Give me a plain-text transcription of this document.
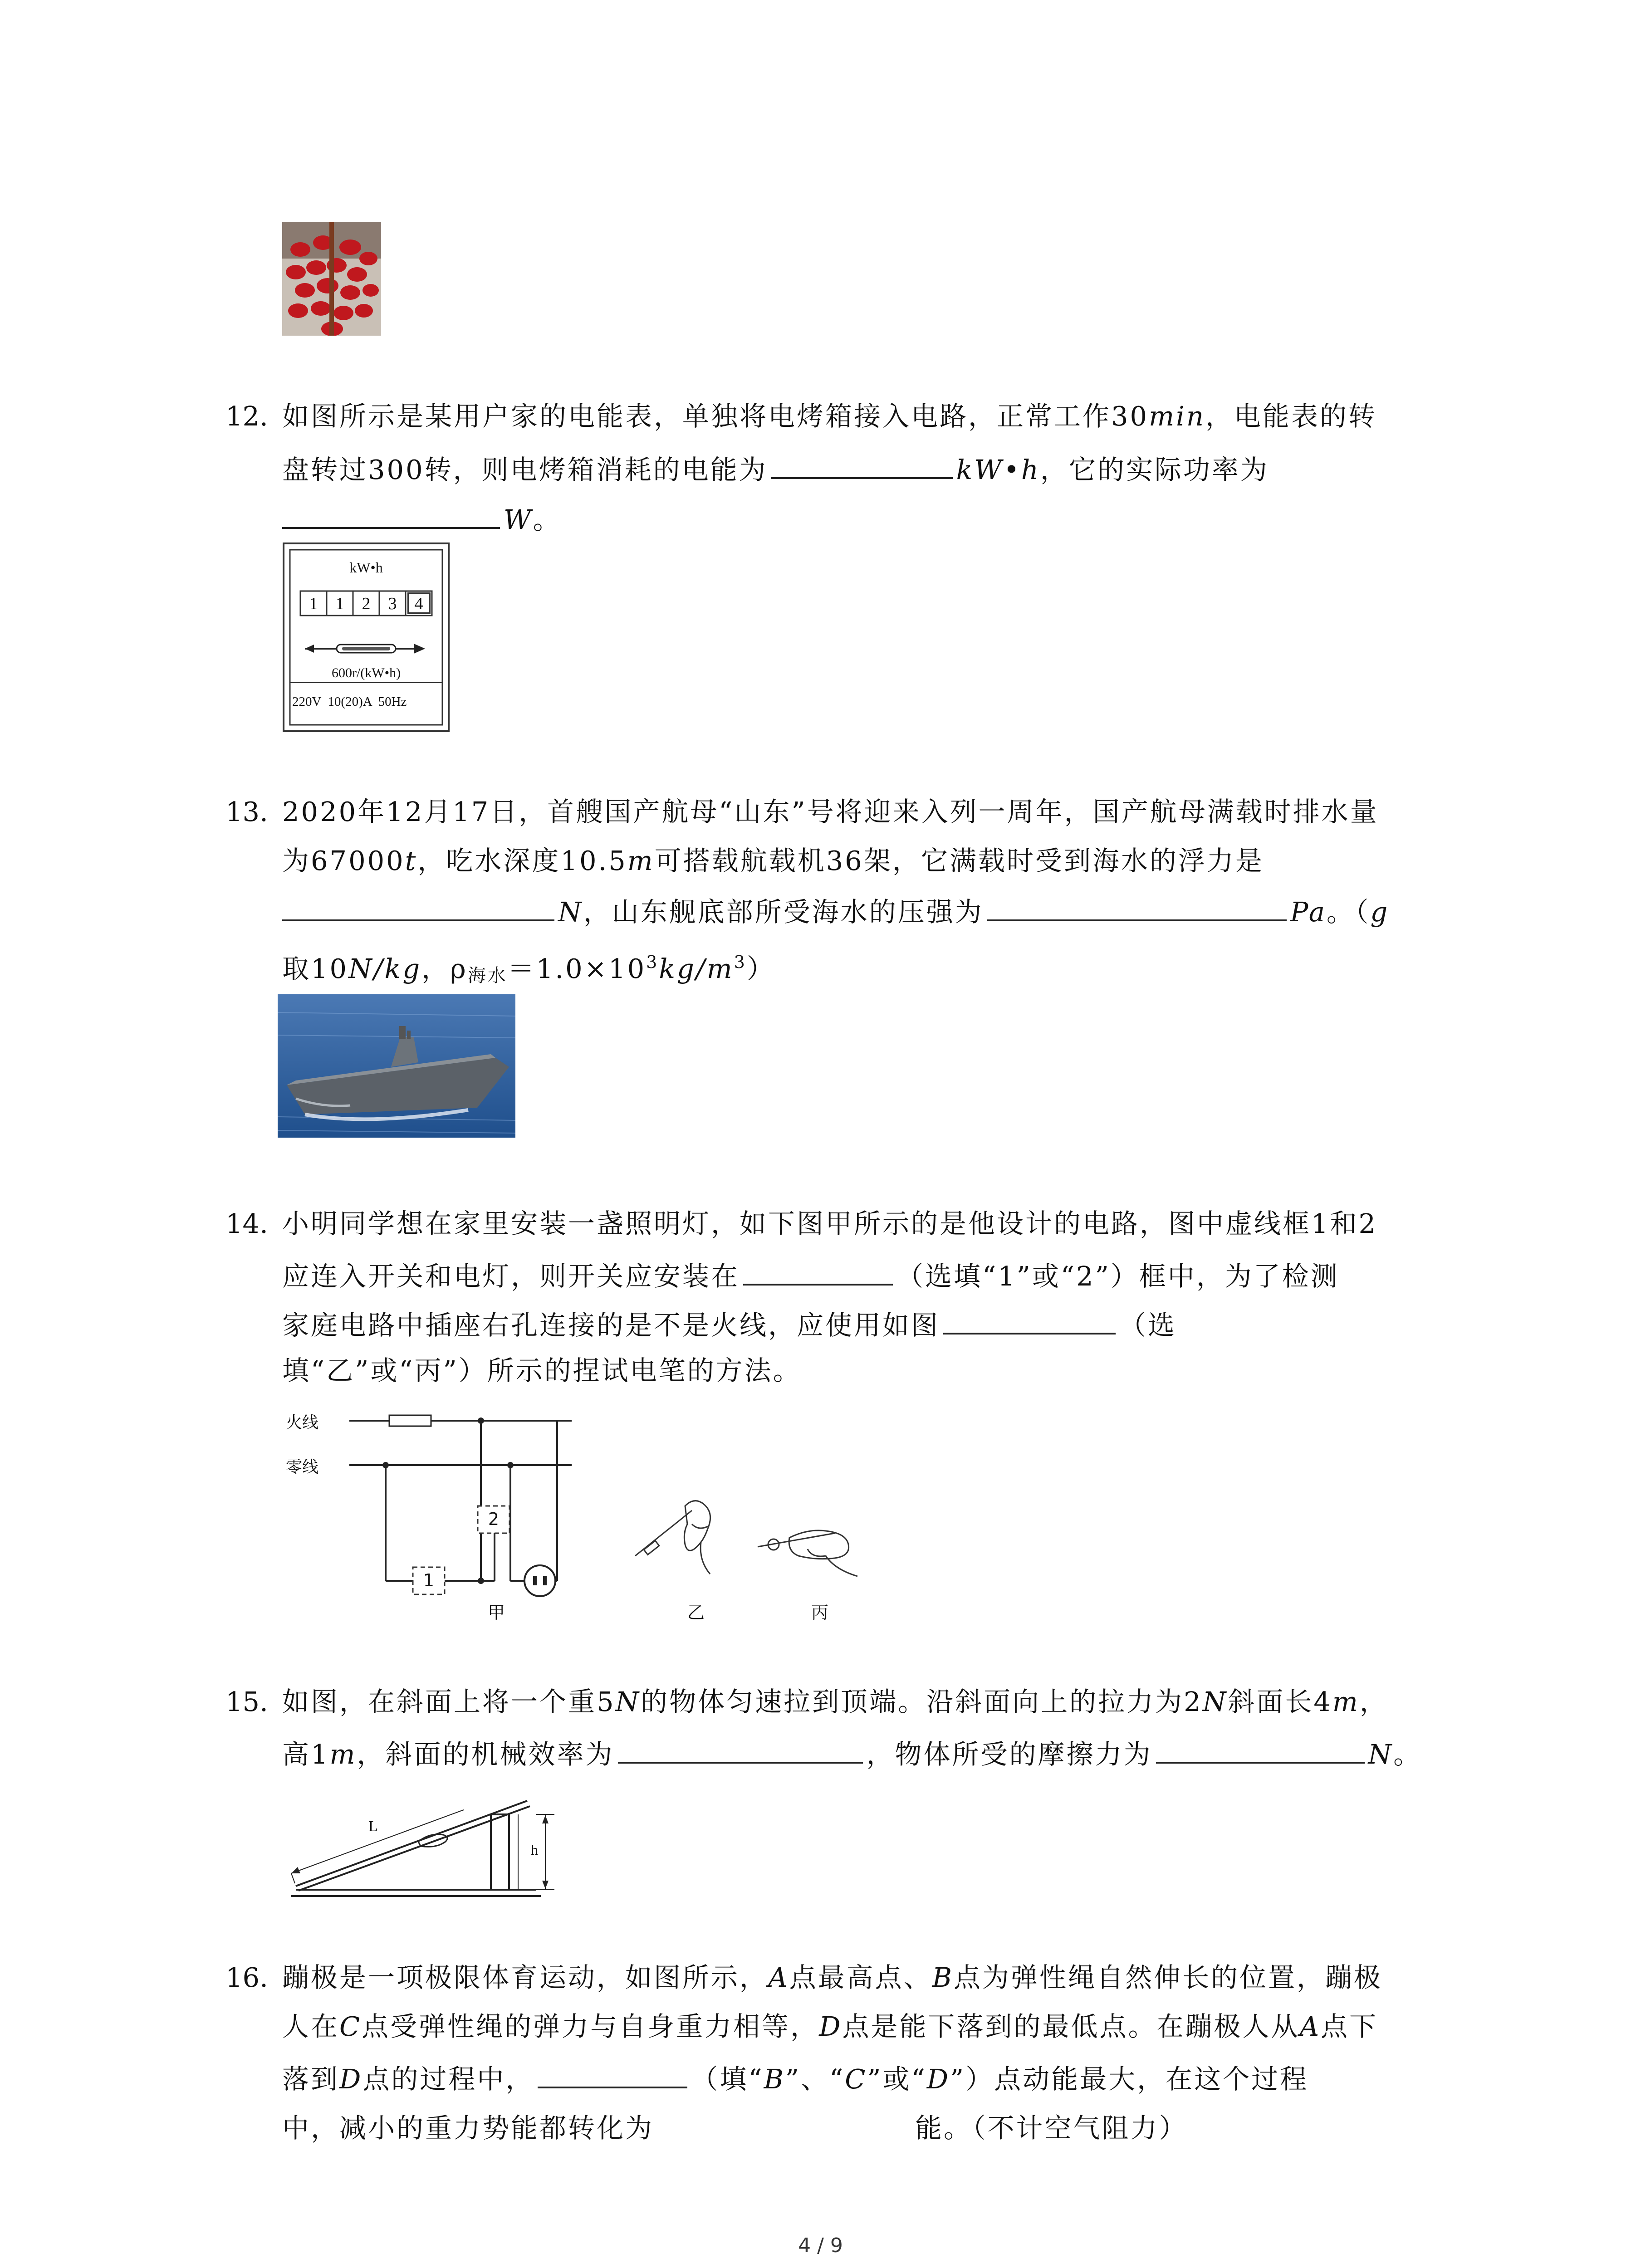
12. 如图所示是某用户家的电能表，单独将电烤箱接入电路，正常工作30min，电能表的转
盘转过300转，则电烤箱消耗的电能为	kW•h，它的实际功率为
W。
kW•h
1	1	2	3	4
600r/(kW•h)
220V  10(20)A  50Hz
13. 2020年12月17日，首艘国产航母“山东”号将迎来入列一周年，国产航母满载时排水量
为67000t，吃水深度10.5m可搭载航载机36架，它满载时受到海水的浮力是
N，山东舰底部所受海水的压强为	Pa。（g
取10N/kg，$\rho_{海水}=1.0\times 10^3kg/m^3$）
14. 小明同学想在家里安装一盏照明灯，如下图甲所示的是他设计的电路，图中虚线框1和2
应连入开关和电灯，则开关应安装在	（选填“1”或“2”）框中，为了检测
家庭电路中插座右孔连接的是不是火线，应使用如图	（选
填“乙”或“丙”）所示的捏试电笔的方法。
火线
零线
1
2
甲	乙	丙
15. 如图，在斜面上将一个重5N的物体匀速拉到顶端。沿斜面向上的拉力为2N斜面长4m，
高1m，斜面的机械效率为	，物体所受的摩擦力为	N。
L
h
16. 蹦极是一项极限体育运动，如图所示，A点最高点、B点为弹性绳自然伸长的位置，蹦极
人在C点受弹性绳的弹力与自身重力相等，D点是能下落到的最低点。在蹦极人从A点下
落到D点的过程中，	（填“B”、“C”或“D”）点动能最大，在这个过程
中，减小的重力势能都转化为	能。（不计空气阻力）
4 / 9
